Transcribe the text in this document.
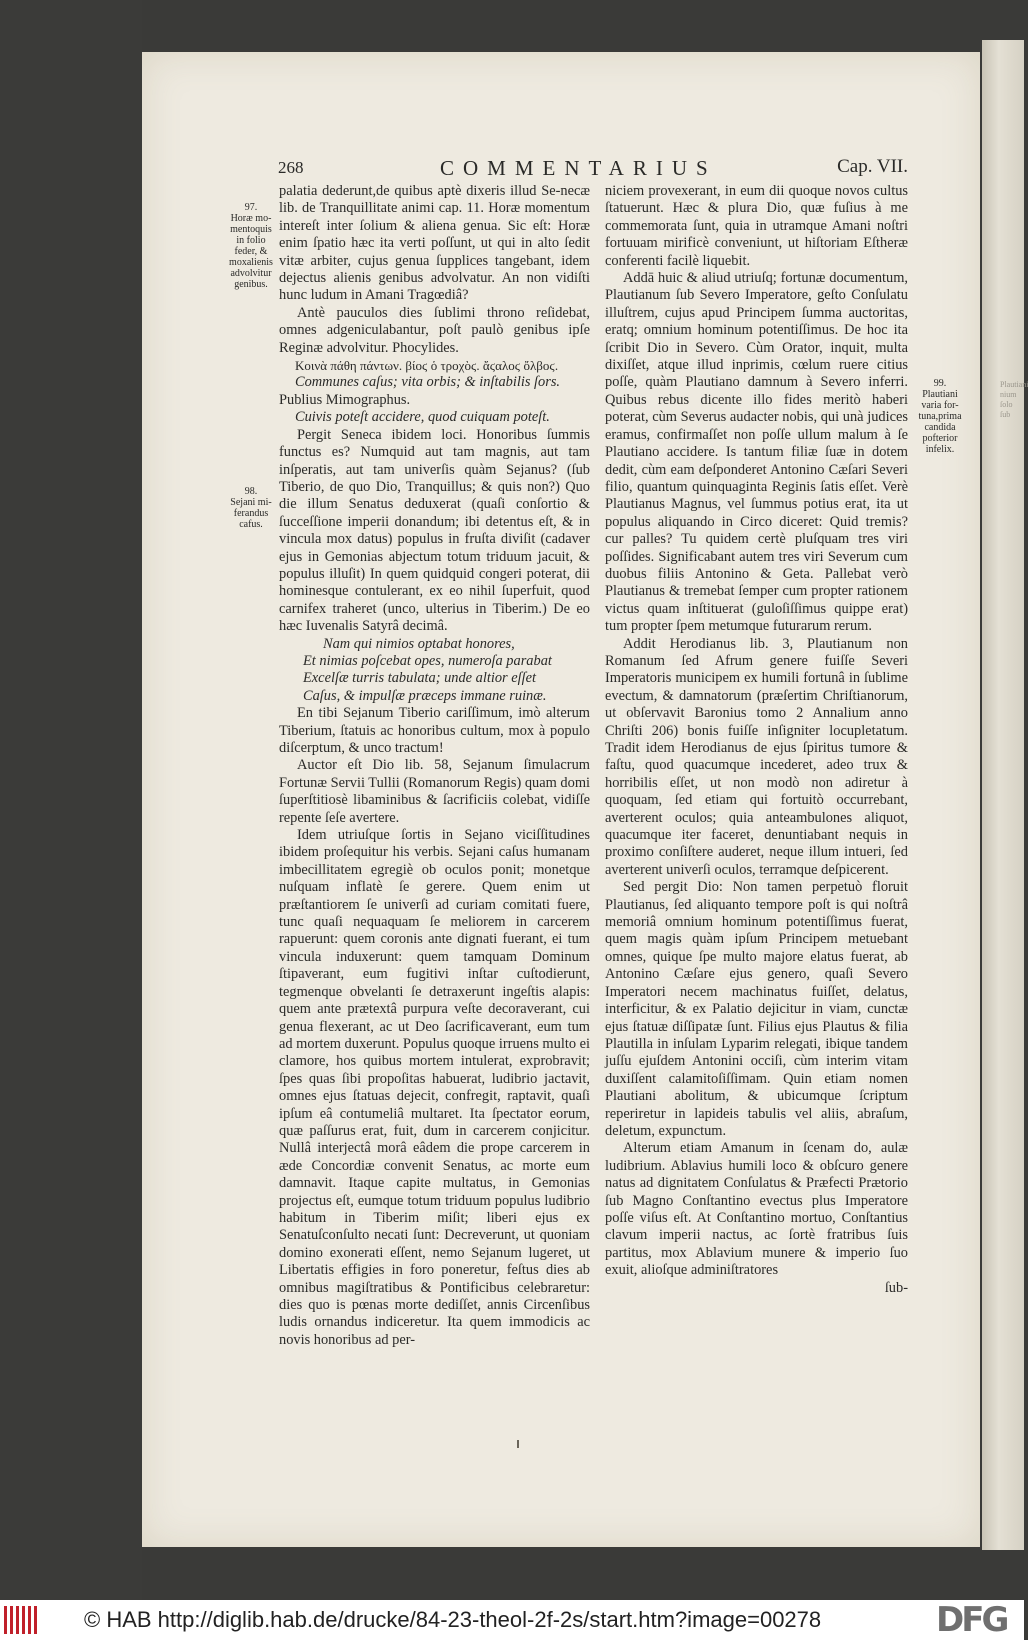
Plautiani
nium
ſolo
ſub
268	COMMENTARIUS	Cap. VII.
97.
Horæ mo-
mentoquis
in folio
feder, &
moxalienis
advolvitur
genibus.
98.
Sejani mi-
ferandus
cafus.
99.
Plautiani
varia for-
tuna,prima
candida
pofterior
infelix.

palatia dederunt,de quibus aptè dixeris illud Se-necæ lib. de Tranquillitate animi cap. 11. Horæ momentum intereſt inter ſolium & aliena genua. Sic eſt: Horæ enim ſpatio hæc ita verti poſſunt, ut qui in alto ſedit vitæ arbiter, cujus genua ſupplices tangebant, idem dejectus alienis genibus advolvatur. An non vidiſti hunc ludum in Amani Tragœdiâ?

Antè pauculos dies ſublimi throno reſidebat, omnes adgeniculabantur, poſt paulò genibus ipſe Reginæ advolvitur. Phocylides.

Κοινὰ πάθη πάντων. βίοϛ ὁ τροχὸϛ. ἄϛαλοϛ ὄλβοϛ.

Communes caſus; vita orbis; & inſtabilis ſors.

Publius Mimographus.

Cuivis poteſt accidere, quod cuiquam poteſt.

Pergit Seneca ibidem loci. Honoribus ſummis functus es? Numquid aut tam magnis, aut tam inſperatis, aut tam univerſis quàm Sejanus? (ſub Tiberio, de quo Dio, Tranquillus; & quis non?) Quo die illum Senatus deduxerat (quaſi conſortio & ſucceſſione imperii donandum; ibi detentus eſt, & in vincula mox datus) populus in fruſta diviſit (cadaver ejus in Gemonias abjectum totum triduum jacuit, & populus illuſit) In quem quidquid congeri poterat, dii hominesque contulerant, ex eo nihil ſuperfuit, quod carnifex traheret (unco, ulterius in Tiberim.) De eo hæc Iuvenalis Satyrâ decimâ.

Nam qui nimios optabat honores,

Et nimias poſcebat opes, numeroſa parabat

Excelſæ turris tabulata; unde altior eſſet

Caſus, & impulſæ præceps immane ruinæ.

En tibi Sejanum Tiberio cariſſimum, imò alterum Tiberium, ſtatuis ac honoribus cultum, mox à populo diſcerptum, & unco tractum!

Auctor eſt Dio lib. 58, Sejanum ſimulacrum Fortunæ Servii Tullii (Romanorum Regis) quam domi ſuperſtitiosè libaminibus & ſacrificiis colebat, vidiſſe repente ſeſe avertere.

Idem utriuſque ſortis in Sejano viciſſitudines ibidem proſequitur his verbis. Sejani caſus humanam imbecillitatem egregiè ob oculos ponit; monetque nuſquam inflatè ſe gerere. Quem enim ut præſtantiorem ſe univerſi ad curiam comitati fuere, tunc quaſi nequaquam ſe meliorem in carcerem rapuerunt: quem coronis ante dignati fuerant, ei tum vincula induxerunt: quem tamquam Dominum ſtipaverant, eum fugitivi inſtar cuſtodierunt, tegmenque obvelanti ſe detraxerunt ingeſtis alapis: quem ante prætextâ purpura veſte decoraverant, cui genua flexerant, ac ut Deo ſacrificaverant, eum tum ad mortem duxerunt. Populus quoque irruens multo ei clamore, hos quibus mortem intulerat, exprobravit; ſpes quas ſibi propoſitas habuerat, ludibrio jactavit, omnes ejus ſtatuas dejecit, confregit, raptavit, quaſi ipſum eâ contumeliâ multaret. Ita ſpectator eorum, quæ paſſurus erat, fuit, dum in carcerem conjicitur. Nullâ interjectâ morâ eâdem die prope carcerem in æde Concordiæ convenit Senatus, ac morte eum damnavit. Itaque capite multatus, in Gemonias projectus eſt, eumque totum triduum populus ludibrio habitum in Tiberim miſit; liberi ejus ex Senatuſconſulto necati ſunt: Decreverunt, ut quoniam domino exonerati eſſent, nemo Sejanum lugeret, ut Libertatis effigies in foro poneretur, feſtus dies ab omnibus magiſtratibus & Pontificibus celebraretur: dies quo is pœnas morte dediſſet, annis Circenſibus ludis ornandus indiceretur. Ita quem immodicis ac novis honoribus ad per-

niciem provexerant, in eum dii quoque novos cultus ſtatuerunt. Hæc & plura Dio, quæ fuſius à me commemorata ſunt, quia in utramque Amani noſtri fortuuam mirificè conveniunt, ut hiſtoriam Eſtheræ conferenti facilè liquebit.

Addā huic & aliud utriuſq; fortunæ documentum, Plautianum ſub Severo Imperatore, geſto Conſulatu illuſtrem, cujus apud Principem ſumma auctoritas, eratq; omnium hominum potentiſſimus. De hoc ita ſcribit Dio in Severo. Cùm Orator, inquit, multa dixiſſet, atque illud inprimis, cœlum ruere citius poſſe, quàm Plautiano damnum à Severo inferri. Quibus rebus dicente illo fides meritò haberi poterat, cùm Severus audacter nobis, qui unà judices eramus, confirmaſſet non poſſe ullum malum à ſe Plautiano accidere. Is tantum filiæ ſuæ in dotem dedit, cùm eam deſponderet Antonino Cæſari Severi filio, quantum quinquaginta Reginis ſatis eſſet. Verè Plautianus Magnus, vel ſummus potius erat, ita ut populus aliquando in Circo diceret: Quid tremis? cur palles? Tu quidem certè pluſquam tres viri poſſides. Significabant autem tres viri Severum cum duobus filiis Antonino & Geta. Pallebat verò Plautianus & tremebat ſemper cum propter rationem victus quam inſtituerat (guloſiſſimus quippe erat) tum propter ſpem metumque futurarum rerum.

Addit Herodianus lib. 3, Plautianum non Romanum ſed Afrum genere fuiſſe Severi Imperatoris municipem ex humili fortunâ in ſublime evectum, & damnatorum (præſertim Chriſtianorum, ut obſervavit Baronius tomo 2 Annalium anno Chriſti 206) bonis fuiſſe inſigniter locupletatum. Tradit idem Herodianus de ejus ſpiritus tumore & faſtu, quod quacumque incederet, adeo trux & horribilis eſſet, ut non modò non adiretur à quoquam, ſed etiam qui fortuitò occurrebant, averterent oculos; quia anteambulones aliquot, quacumque iter faceret, denuntiabant nequis in proximo conſiſtere auderet, neque illum intueri, ſed averterent univerſi oculos, terramque deſpicerent.

Sed pergit Dio: Non tamen perpetuò floruit Plautianus, ſed aliquanto tempore poſt is qui noſtrâ memoriâ omnium hominum potentiſſimus fuerat, quem magis quàm ipſum Principem metuebant omnes, quique ſpe multo majore elatus fuerat, ab Antonino Cæſare ejus genero, quaſi Severo Imperatori necem machinatus fuiſſet, delatus, interficitur, & ex Palatio dejicitur in viam, cunctæ ejus ſtatuæ diſſipatæ ſunt. Filius ejus Plautus & filia Plautilla in inſulam Lyparim relegati, ibique tandem juſſu ejuſdem Antonini occiſi, cùm interim vitam duxiſſent calamitoſiſſimam. Quin etiam nomen Plautiani abolitum, & ubicumque ſcriptum reperiretur in lapideis tabulis vel aliis, abraſum, deletum, expunctum.

Alterum etiam Amanum in ſcenam do, aulæ ludibrium. Ablavius humili loco & obſcuro genere natus ad dignitatem Conſulatus & Præfecti Prætorio ſub Magno Conſtantino evectus plus Imperatore poſſe viſus eſt. At Conſtantino mortuo, Conſtantius clavum imperii nactus, ac ſortè fratribus ſuis partitus, mox Ablavium munere & imperio ſuo exuit, alioſque adminiſtratores

ſub-

© HAB http://diglib.hab.de/drucke/84-23-theol-2f-2s/start.htm?image=00278	DFG
